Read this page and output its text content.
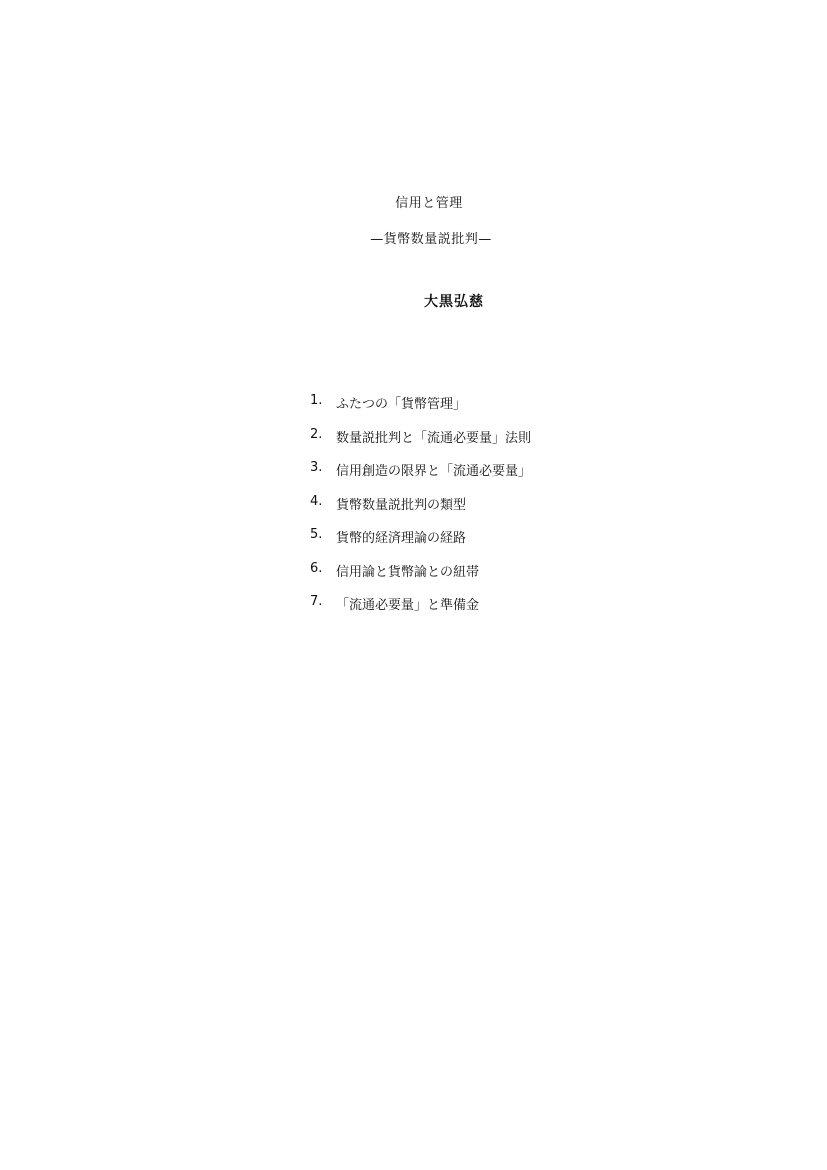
信用と管理
—貨幣数量説批判—
大黒弘慈
1.	ふたつの「貨幣管理」
2.	数量説批判と「流通必要量」法則
3.	信用創造の限界と「流通必要量」
4.	貨幣数量説批判の類型
5.	貨幣的経済理論の経路
6.	信用論と貨幣論との紐帯
7.	「流通必要量」と準備金
